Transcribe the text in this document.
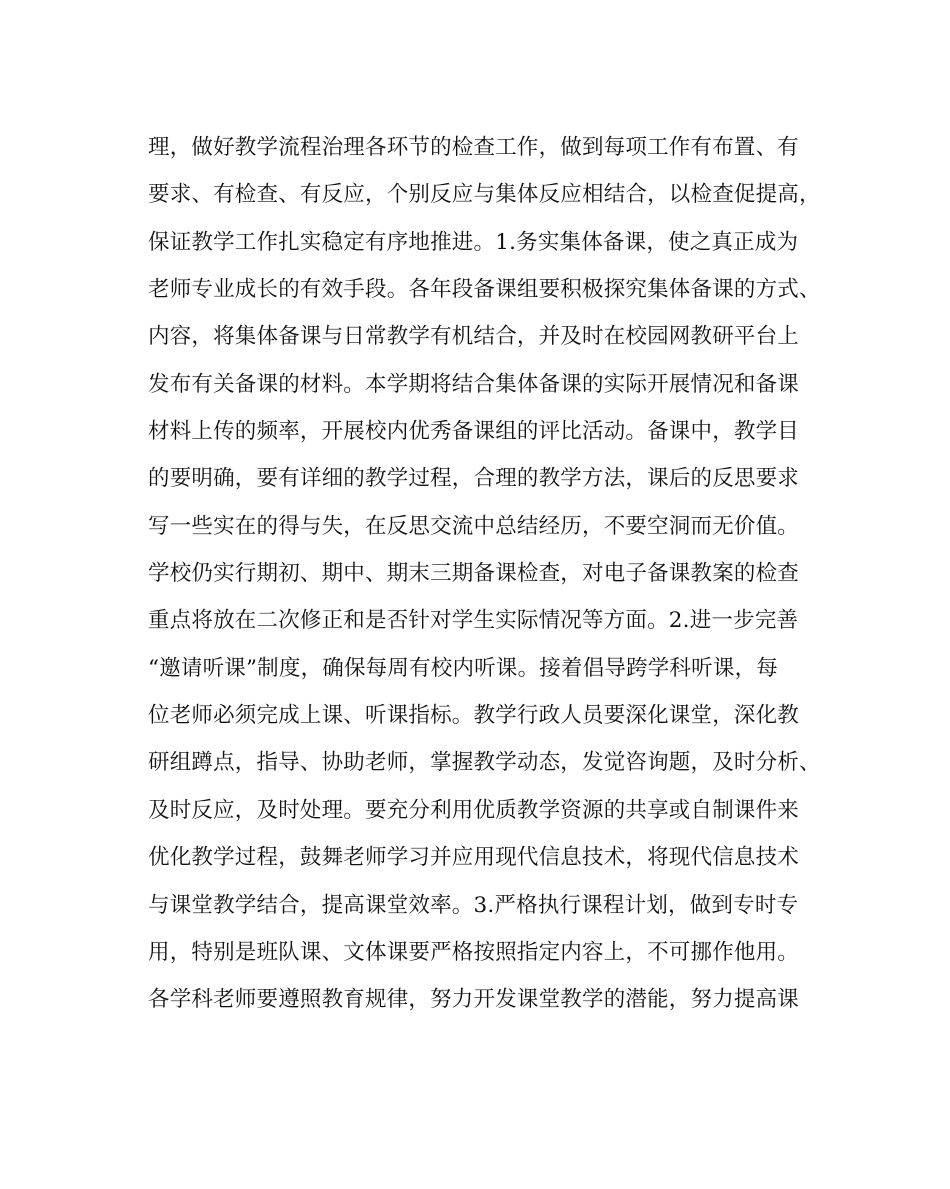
理，做好教学流程治理各环节的检查工作，做到每项工作有布置、有
要求、有检查、有反应，个别反应与集体反应相结合，以检查促提高，
保证教学工作扎实稳定有序地推进。1.务实集体备课，使之真正成为
老师专业成长的有效手段。各年段备课组要积极探究集体备课的方式、
内容，将集体备课与日常教学有机结合，并及时在校园网教研平台上
发布有关备课的材料。本学期将结合集体备课的实际开展情况和备课
材料上传的频率，开展校内优秀备课组的评比活动。备课中，教学目
的要明确，要有详细的教学过程，合理的教学方法，课后的反思要求
写一些实在的得与失，在反思交流中总结经历，不要空洞而无价值。
学校仍实行期初、期中、期末三期备课检查，对电子备课教案的检查
重点将放在二次修正和是否针对学生实际情况等方面。2.进一步完善
“邀请听课”制度，确保每周有校内听课。接着倡导跨学科听课，每
位老师必须完成上课、听课指标。教学行政人员要深化课堂，深化教
研组蹲点，指导、协助老师，掌握教学动态，发觉咨询题，及时分析、
及时反应，及时处理。要充分利用优质教学资源的共享或自制课件来
优化教学过程，鼓舞老师学习并应用现代信息技术，将现代信息技术
与课堂教学结合，提高课堂效率。3.严格执行课程计划，做到专时专
用，特别是班队课、文体课要严格按照指定内容上，不可挪作他用。
各学科老师要遵照教育规律，努力开发课堂教学的潜能，努力提高课
